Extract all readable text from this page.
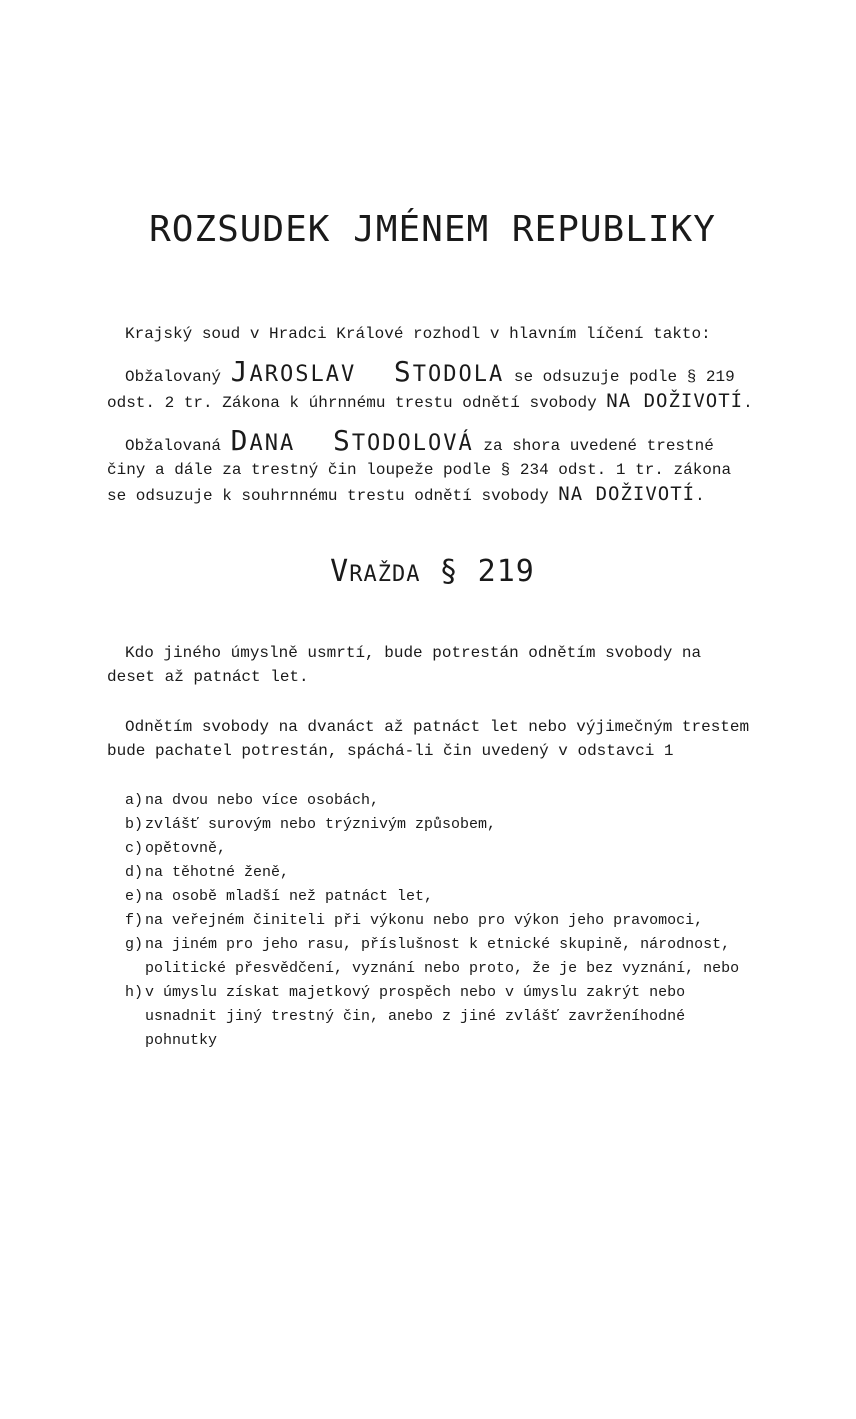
ROZSUDEK JMÉNEM REPUBLIKY

Krajský soud v Hradci Králové rozhodl v hlavním líčení takto:

Obžalovaný JAROSLAV STODOLA se odsuzuje podle § 219 odst. 2 tr. Zákona k úhrnnému trestu odnětí svobody NA DOŽIVOTÍ.

Obžalovaná DANA STODOLOVÁ za shora uvedené trestné činy a dále za trestný čin loupeže podle § 234 odst. 1 tr. zákona se odsuzuje k souhrnnému trestu odnětí svobody NA DOŽIVOTÍ.

VRAŽDA § 219

Kdo jiného úmyslně usmrtí, bude potrestán odnětím svobody na deset až patnáct let.

Odnětím svobody na dvanáct až patnáct let nebo výjimečným trestem bude pachatel potrestán, spáchá-li čin uvedený v odstavci 1

a) na dvou nebo více osobách,
b) zvlášť surovým nebo trýznivým způsobem,
c) opětovně,
d) na těhotné ženě,
e) na osobě mladší než patnáct let,
f) na veřejném činiteli při výkonu nebo pro výkon jeho pravomoci,
g) na jiném pro jeho rasu, příslušnost k etnické skupině, národnost, politické přesvědčení, vyznání nebo proto, že je bez vyznání, nebo
h) v úmyslu získat majetkový prospěch nebo v úmyslu zakrýt nebo usnadnit jiný trestný čin, anebo z jiné zvlášť zavrženíhodné pohnutky
